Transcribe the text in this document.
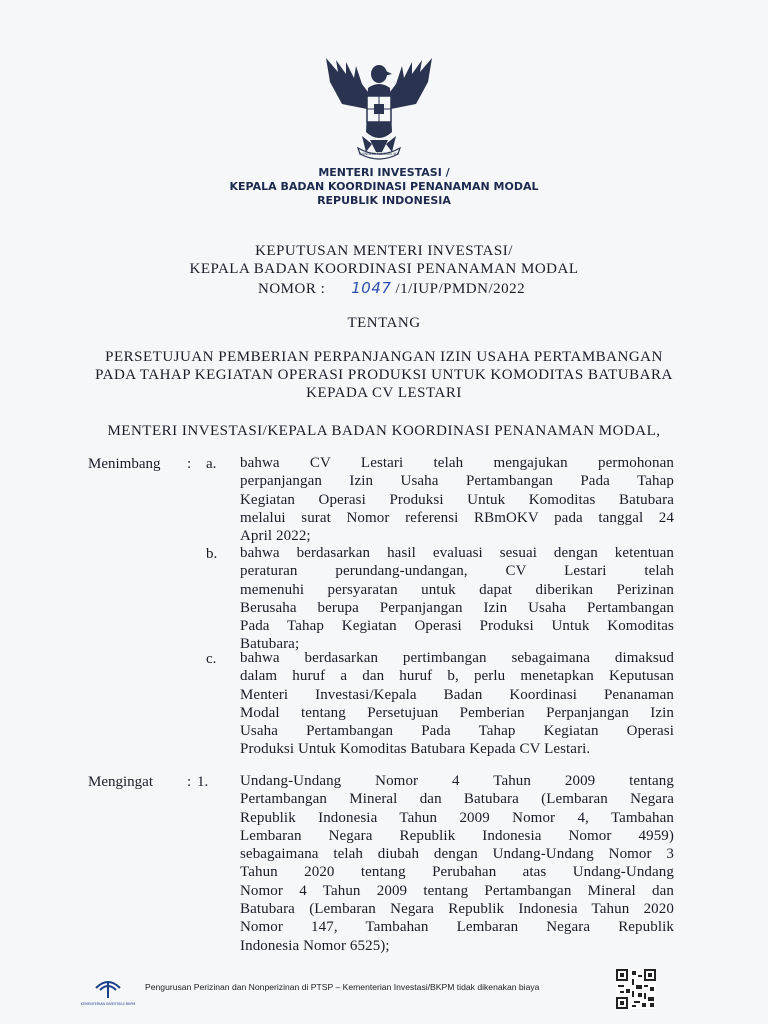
BHINNEKA TUNGGAL IKA
MENTERI INVESTASI /
KEPALA BADAN KOORDINASI PENANAMAN MODAL
REPUBLIK INDONESIA
KEPUTUSAN MENTERI INVESTASI/
KEPALA BADAN KOORDINASI PENANAMAN MODAL
NOMOR : 1047 /1/IUP/PMDN/2022
TENTANG
PERSETUJUAN PEMBERIAN PERPANJANGAN IZIN USAHA PERTAMBANGAN
PADA TAHAP KEGIATAN OPERASI PRODUKSI UNTUK KOMODITAS BATUBARA
KEPADA CV LESTARI
MENTERI INVESTASI/KEPALA BADAN KOORDINASI PENANAMAN MODAL,
Menimbang : a. bahwa CV Lestari telah mengajukan permohonan
perpanjangan Izin Usaha Pertambangan Pada Tahap
Kegiatan Operasi Produksi Untuk Komoditas Batubara
melalui surat Nomor referensi RBmOKV pada tanggal 24
April 2022;
b. bahwa berdasarkan hasil evaluasi sesuai dengan ketentuan
peraturan perundang-undangan, CV Lestari telah
memenuhi persyaratan untuk dapat diberikan Perizinan
Berusaha berupa Perpanjangan Izin Usaha Pertambangan
Pada Tahap Kegiatan Operasi Produksi Untuk Komoditas
Batubara;
c. bahwa berdasarkan pertimbangan sebagaimana dimaksud
dalam huruf a dan huruf b, perlu menetapkan Keputusan
Menteri Investasi/Kepala Badan Koordinasi Penanaman
Modal tentang Persetujuan Pemberian Perpanjangan Izin
Usaha Pertambangan Pada Tahap Kegiatan Operasi
Produksi Untuk Komoditas Batubara Kepada CV Lestari.
Mengingat : 1. Undang-Undang Nomor 4 Tahun 2009 tentang
Pertambangan Mineral dan Batubara (Lembaran Negara
Republik Indonesia Tahun 2009 Nomor 4, Tambahan
Lembaran Negara Republik Indonesia Nomor 4959)
sebagaimana telah diubah dengan Undang-Undang Nomor 3
Tahun 2020 tentang Perubahan atas Undang-Undang
Nomor 4 Tahun 2009 tentang Pertambangan Mineral dan
Batubara (Lembaran Negara Republik Indonesia Tahun 2020
Nomor 147, Tambahan Lembaran Negara Republik
Indonesia Nomor 6525);
KEMENTERIAN INVESTASI/ BKPM
Pengurusan Perizinan dan Nonperizinan di PTSP – Kementerian Investasi/BKPM tidak dikenakan biaya
